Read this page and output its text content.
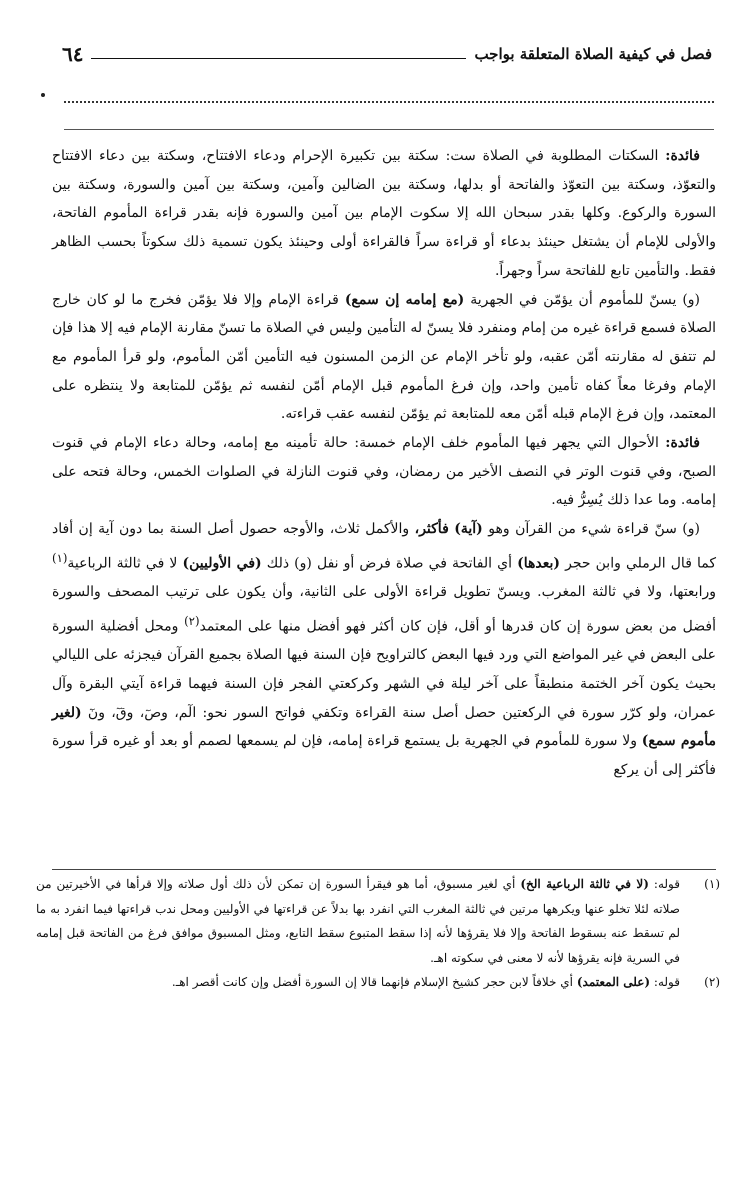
فصل في كيفية الصلاة المتعلقة بواجب
٦٤

فائدة: السكتات المطلوبة في الصلاة ست: سكتة بين تكبيرة الإحرام ودعاء الافتتاح، وسكتة بين دعاء الافتتاح والتعوّذ، وسكتة بين التعوّذ والفاتحة أو بدلها، وسكتة بين الضالين وآمين، وسكتة بين آمين والسورة، وسكتة بين السورة والركوع. وكلها بقدر سبحان الله إلا سكوت الإمام بين آمين والسورة فإنه بقدر قراءة المأموم الفاتحة، والأولى للإمام أن يشتغل حينئذ بدعاء أو قراءة سراً فالقراءة أولى وحينئذ يكون تسمية ذلك سكوتاً بحسب الظاهر فقط. والتأمين تابع للفاتحة سراً وجهراً.

(و) يسنّ للمأموم أن يؤمّن في الجهرية (مع إمامه إن سمع) قراءة الإمام وإلا فلا يؤمّن فخرج ما لو كان خارج الصلاة فسمع قراءة غيره من إمام ومنفرد فلا يسنّ له التأمين وليس في الصلاة ما تسنّ مقارنة الإمام فيه إلا هذا فإن لم تتفق له مقارنته أمّن عقبه، ولو تأخر الإمام عن الزمن المسنون فيه التأمين أمّن المأموم، ولو قرأ المأموم مع الإمام وفرغا معاً كفاه تأمين واحد، وإن فرغ المأموم قبل الإمام أمّن لنفسه ثم يؤمّن للمتابعة ولا ينتظره على المعتمد، وإن فرغ الإمام قبله أمّن معه للمتابعة ثم يؤمّن لنفسه عقب قراءته.

فائدة: الأحوال التي يجهر فيها المأموم خلف الإمام خمسة: حالة تأمينه مع إمامه، وحالة دعاء الإمام في قنوت الصبح، وفي قنوت الوتر في النصف الأخير من رمضان، وفي قنوت النازلة في الصلوات الخمس، وحالة فتحه على إمامه. وما عدا ذلك يُسِرُّ فيه.

(و) سنّ قراءة شيء من القرآن وهو (آية) فأكثر، والأكمل ثلاث، والأوجه حصول أصل السنة بما دون آية إن أفاد كما قال الرملي وابن حجر (بعدها) أي الفاتحة في صلاة فرض أو نفل (و) ذلك (في الأوليين) لا في ثالثة الرباعية$^{(١)}$ ورابعتها، ولا في ثالثة المغرب. ويسنّ تطويل قراءة الأولى على الثانية، وأن يكون على ترتيب المصحف والسورة أفضل من بعض سورة إن كان قدرها أو أقل، فإن كان أكثر فهو أفضل منها على المعتمد$^{(٢)}$ ومحل أفضلية السورة على البعض في غير المواضع التي ورد فيها البعض كالتراويح فإن السنة فيها الصلاة بجميع القرآن فيجزئه على الليالي بحيث يكون آخر الختمة منطبقاً على آخر ليلة في الشهر وكركعتي الفجر فإن السنة فيهما قراءة آيتي البقرة وآل عمران، ولو كرّر سورة في الركعتين حصل أصل سنة القراءة وتكفي فواتح السور نحو: الٓم، وصٓ، وقٓ، ونٓ (لغير مأموم سمع) ولا سورة للمأموم في الجهرية بل يستمع قراءة إمامه، فإن لم يسمعها لصمم أو بعد أو غيره قرأ سورة فأكثر إلى أن يركع

(١)
قوله: (لا في ثالثة الرباعية الخ) أي لغير مسبوق، أما هو فيقرأ السورة إن تمكن لأن ذلك أول صلاته وإلا قرأها في الأخيرتين من صلاته لئلا تخلو عنها ويكرهها مرتين في ثالثة المغرب التي انفرد بها بدلاً عن قراءتها في الأوليين ومحل ندب قراءتها فيما انفرد به ما لم تسقط عنه بسقوط الفاتحة وإلا فلا يقرؤها لأنه إذا سقط المتبوع سقط التابع، ومثل المسبوق موافق فرغ من الفاتحة قبل إمامه في السرية فإنه يقرؤها لأنه لا معنى في سكوته اهـ.
(٢)
قوله: (على المعتمد) أي خلافاً لابن حجر كشيخ الإسلام فإنهما قالا إن السورة أفضل وإن كانت أقصر اهـ.
